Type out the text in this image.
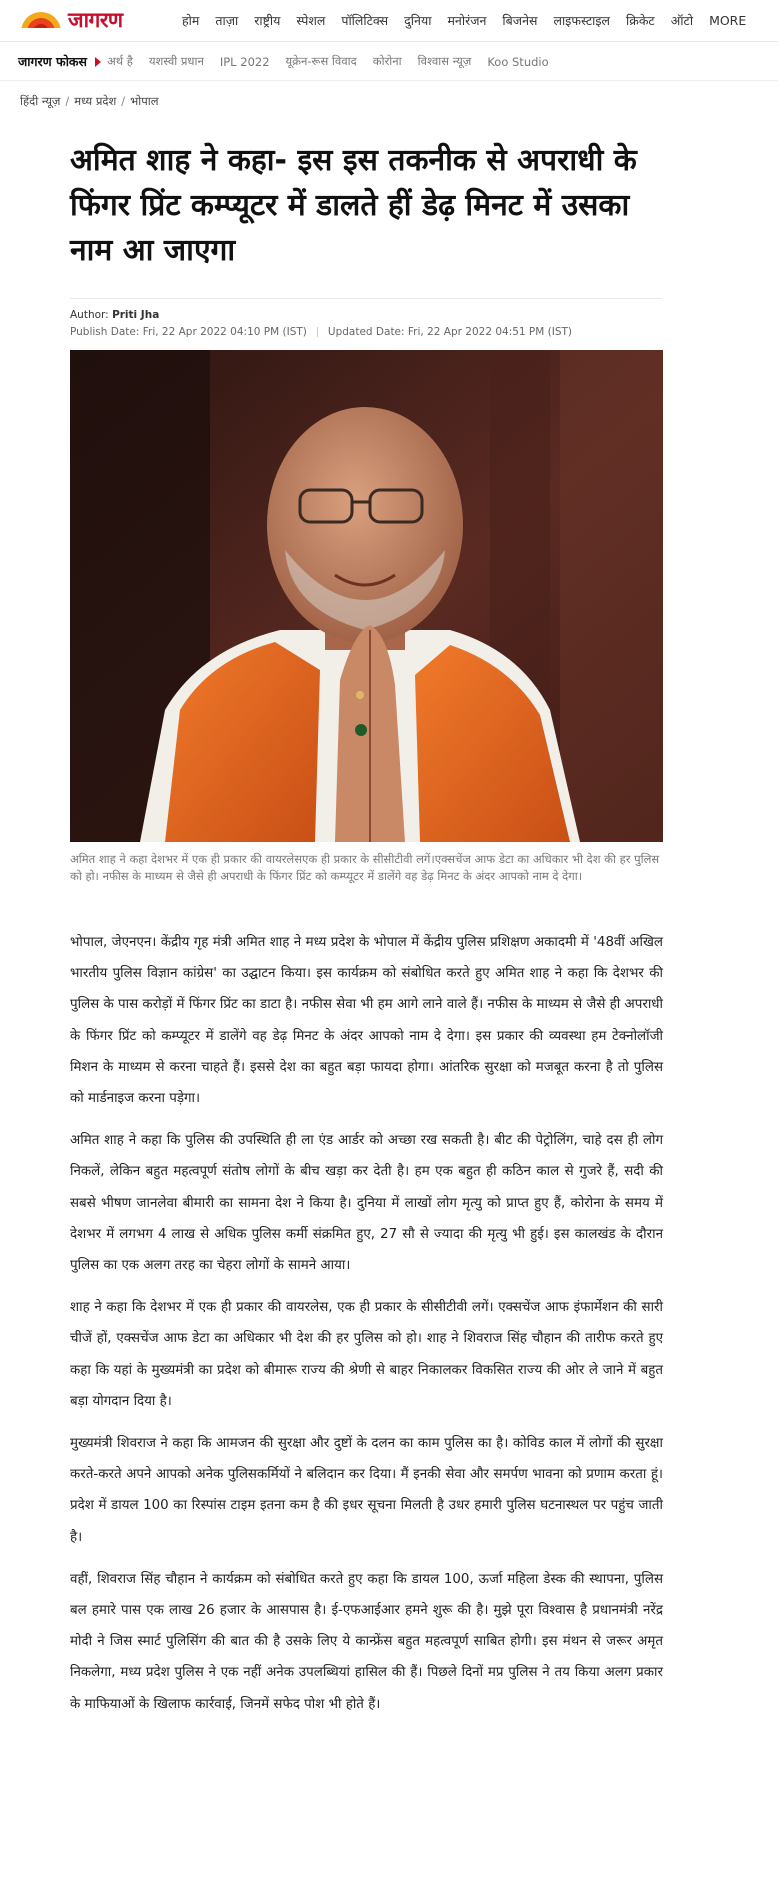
जागरण	होम ताज़ा राष्ट्रीय स्पेशल पॉलिटिक्स दुनिया मनोरंजन बिजनेस लाइफस्टाइल क्रिकेट ऑटो MORE
जागरण फोकस अर्थ है यशस्वी प्रधान IPL 2022 यूक्रेन-रूस विवाद कोरोना विश्वास न्यूज़ Koo Studio
हिंदी न्यूज़ / मध्य प्रदेश / भोपाल
अमित शाह ने कहा- इस इस तकनीक से अपराधी के फिंगर प्रिंट कम्प्यूटर में डालते हीं डेढ़ मिनट में उसका नाम आ जाएगा
Author: Priti Jha
Publish Date: Fri, 22 Apr 2022 04:10 PM (IST) Updated Date: Fri, 22 Apr 2022 04:51 PM (IST)
अमित शाह ने कहा देशभर में एक ही प्रकार की वायरलेसएक ही प्रकार के सीसीटीवी लगें।एक्सचेंज आफ डेटा का अधिकार भी देश की हर पुलिस को हो। नफीस के माध्यम से जैसे ही अपराधी के फिंगर प्रिंट को कम्प्यूटर में डालेंगे वह डेढ़ मिनट के अंदर आपको नाम दे देगा।

भोपाल, जेएनएन। केंद्रीय गृह मंत्री अमित शाह ने मध्य प्रदेश के भोपाल में केंद्रीय पुलिस प्रशिक्षण अकादमी में '48वीं अखिल भारतीय पुलिस विज्ञान कांग्रेस' का उद्घाटन किया। इस कार्यक्रम को संबोधित करते हुए अमित शाह ने कहा कि देशभर की पुलिस के पास करोड़ों में फिंगर प्रिंट का डाटा है। नफीस सेवा भी हम आगे लाने वाले हैं। नफीस के माध्यम से जैसे ही अपराधी के फिंगर प्रिंट को कम्प्यूटर में डालेंगे वह डेढ़ मिनट के अंदर आपको नाम दे देगा। इस प्रकार की व्यवस्था हम टेक्नोलॉजी मिशन के माध्यम से करना चाहते हैं। इससे देश का बहुत बड़ा फायदा होगा। आंतरिक सुरक्षा को मजबूत करना है तो पुलिस को मार्डनाइज करना पड़ेगा।

अमित शाह ने कहा कि पुलिस की उपस्थिति ही ला एंड आर्डर को अच्छा रख सकती है। बीट की पेट्रोलिंग, चाहे दस ही लोग निकलें, लेकिन बहुत महत्वपूर्ण संतोष लोगों के बीच खड़ा कर देती है। हम एक बहुत ही कठिन काल से गुजरे हैं, सदी की सबसे भीषण जानलेवा बीमारी का सामना देश ने किया है। दुनिया में लाखों लोग मृत्यु को प्राप्त हुए हैं, कोरोना के समय में देशभर में लगभग 4 लाख से अधिक पुलिस कर्मी संक्रमित हुए, 27 सौ से ज्यादा की मृत्यु भी हुई। इस कालखंड के दौरान पुलिस का एक अलग तरह का चेहरा लोगों के सामने आया।

शाह ने कहा कि देशभर में एक ही प्रकार की वायरलेस, एक ही प्रकार के सीसीटीवी लगें। एक्सचेंज आफ इंफार्मेशन की सारी चीजें हों, एक्सचेंज आफ डेटा का अधिकार भी देश की हर पुलिस को हो। शाह ने शिवराज सिंह चौहान की तारीफ करते हुए कहा कि यहां के मुख्यमंत्री का प्रदेश को बीमारू राज्य की श्रेणी से बाहर निकालकर विकसित राज्य की ओर ले जाने में बहुत बड़ा योगदान दिया है।

मुख्यमंत्री शिवराज ने कहा कि आमजन की सुरक्षा और दुष्टों के दलन का काम पुलिस का है। कोविड काल में लोगों की सुरक्षा करते-करते अपने आपको अनेक पुलिसकर्मियों ने बलिदान कर दिया। मैं इनकी सेवा और समर्पण भावना को प्रणाम करता हूं। प्रदेश में डायल 100 का रिस्पांस टाइम इतना कम है की इधर सूचना मिलती है उधर हमारी पुलिस घटनास्थल पर पहुंच जाती है।

वहीं, शिवराज सिंह चौहान ने कार्यक्रम को संबोधित करते हुए कहा कि डायल 100, ऊर्जा महिला डेस्क की स्थापना, पुलिस बल हमारे पास एक लाख 26 हजार के आसपास है। ई-एफआईआर हमने शुरू की है। मुझे पूरा विश्वास है प्रधानमंत्री नरेंद्र मोदी ने जिस स्मार्ट पुलिसिंग की बात की है उसके लिए ये कान्फ्रेंस बहुत महत्वपूर्ण साबित होगी। इस मंथन से जरूर अमृत निकलेगा, मध्य प्रदेश पुलिस ने एक नहीं अनेक उपलब्धियां हासिल की हैं। पिछले दिनों मप्र पुलिस ने तय किया अलग प्रकार के माफियाओं के खिलाफ कार्रवाई, जिनमें सफेद पोश भी होते हैं।
